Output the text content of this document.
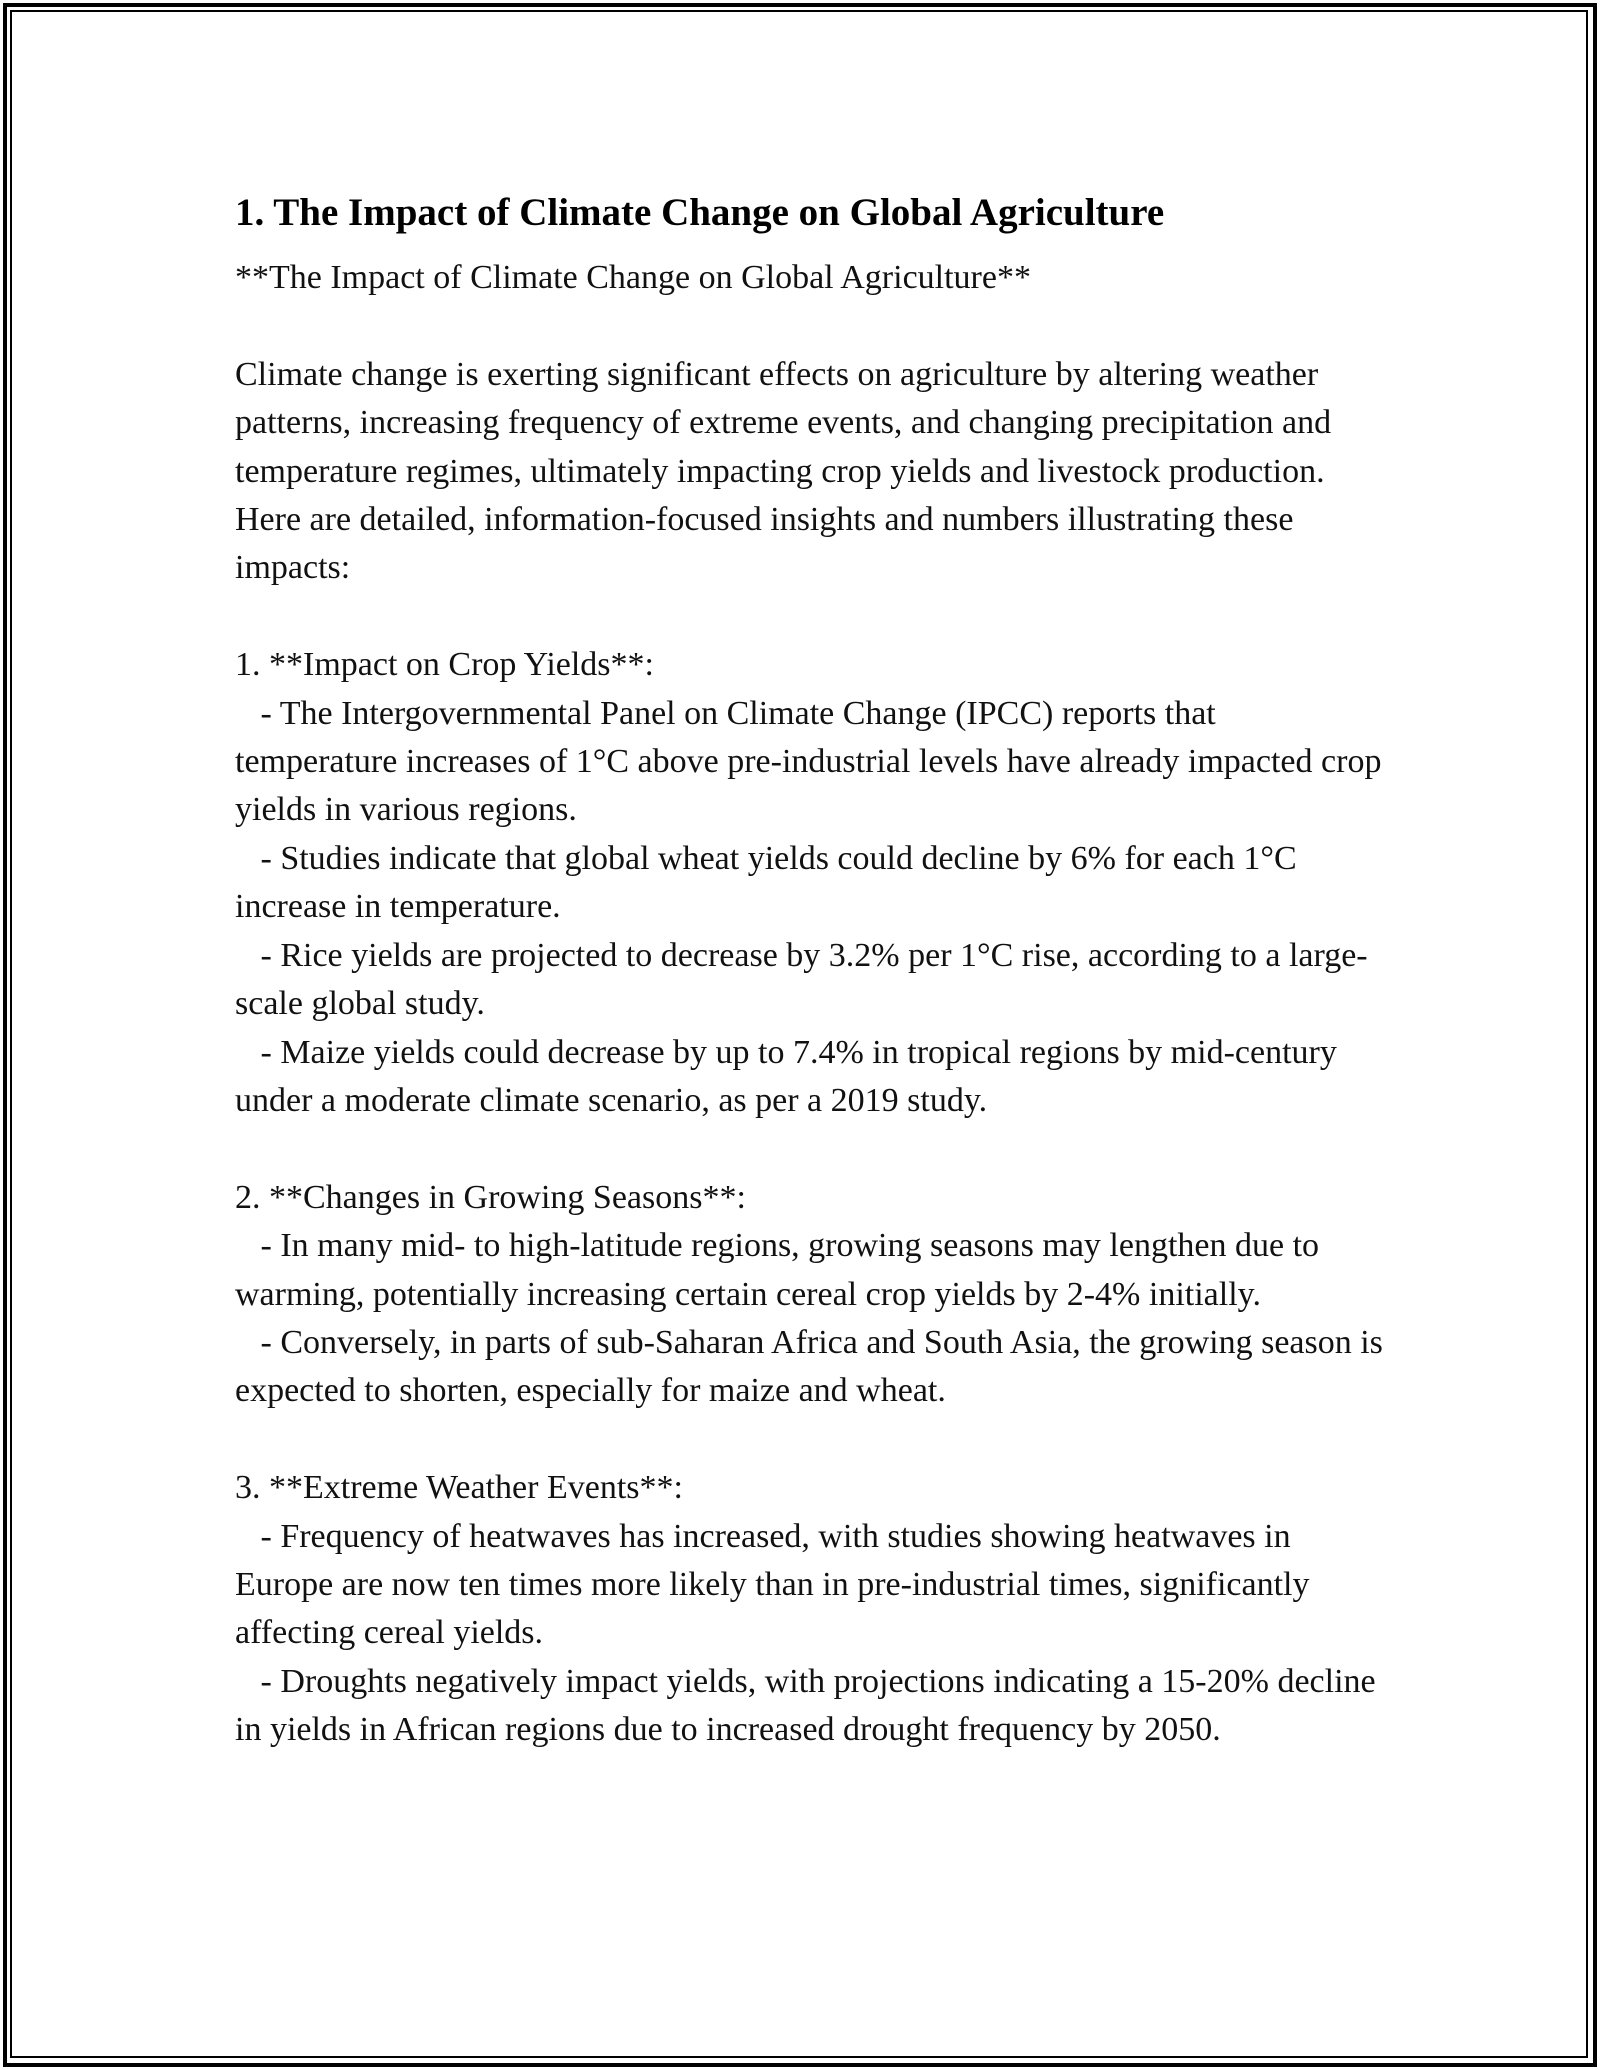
1. The Impact of Climate Change on Global Agriculture

**The Impact of Climate Change on Global Agriculture**

Climate change is exerting significant effects on agriculture by altering weather patterns, increasing frequency of extreme events, and changing precipitation and temperature regimes, ultimately impacting crop yields and livestock production. Here are detailed, information-focused insights and numbers illustrating these impacts:

1. **Impact on Crop Yields**:
- The Intergovernmental Panel on Climate Change (IPCC) reports that temperature increases of 1°C above pre-industrial levels have already impacted crop yields in various regions.
- Studies indicate that global wheat yields could decline by 6% for each 1°C increase in temperature.
- Rice yields are projected to decrease by 3.2% per 1°C rise, according to a large-scale global study.
- Maize yields could decrease by up to 7.4% in tropical regions by mid-century under a moderate climate scenario, as per a 2019 study.

2. **Changes in Growing Seasons**:
- In many mid- to high-latitude regions, growing seasons may lengthen due to warming, potentially increasing certain cereal crop yields by 2-4% initially.
- Conversely, in parts of sub-Saharan Africa and South Asia, the growing season is expected to shorten, especially for maize and wheat.

3. **Extreme Weather Events**:
- Frequency of heatwaves has increased, with studies showing heatwaves in Europe are now ten times more likely than in pre-industrial times, significantly affecting cereal yields.
- Droughts negatively impact yields, with projections indicating a 15-20% decline in yields in African regions due to increased drought frequency by 2050.
